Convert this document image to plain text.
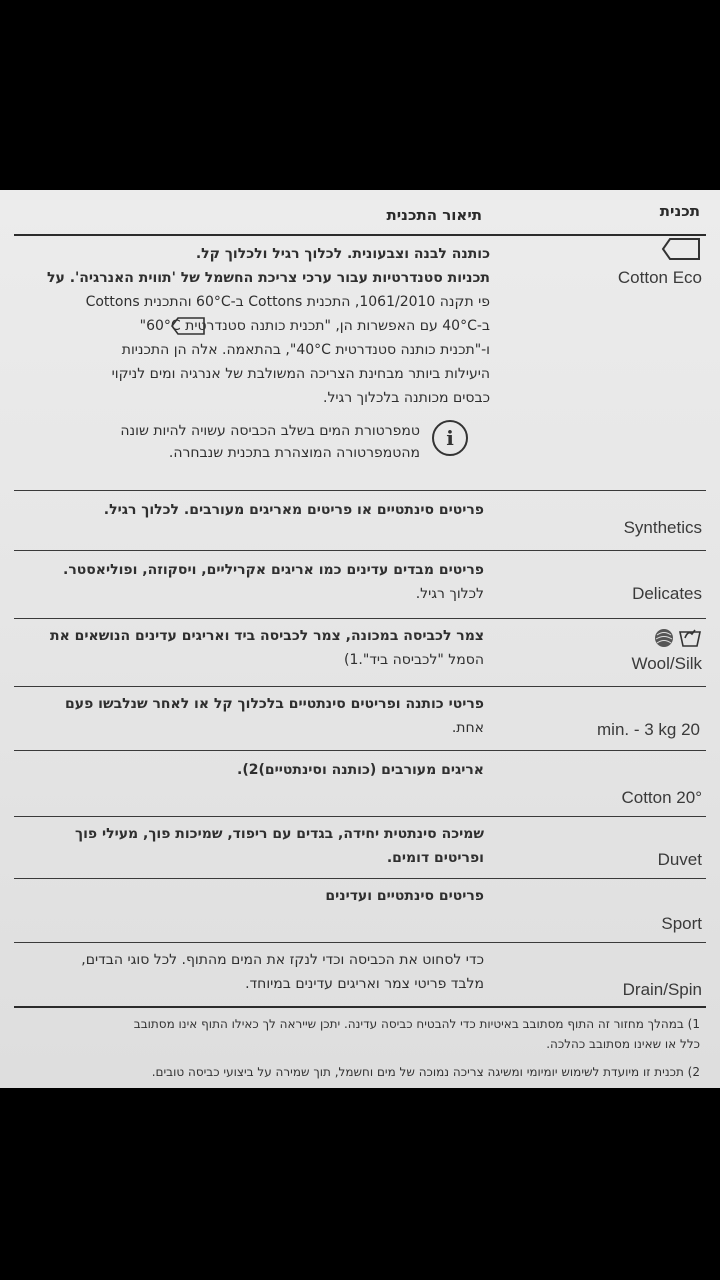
תכנית
תיאור התכנית
Cotton Eco
כותנה לבנה וצבעונית. לכלוך רגיל ולכלוך קל.
תכניות סטנדרטיות עבור ערכי צריכת החשמל של 'תווית האנרגיה'. על
פי תקנה 1061/2010, התכנית Cottons ב-60°C והתכנית Cottons
ב-40°C עם האפשרות הן, "תכנית כותנה סטנדרטית 60°C"
ו-"תכנית כותנה סטנדרטית 40°C", בהתאמה. אלה הן התכניות
היעילות ביותר מבחינת הצריכה המשולבת של אנרגיה ומים לניקוי
כבסים מכותנה בלכלוך רגיל.
i
טמפרטורת המים בשלב הכביסה עשויה להיות שונה מהטמפרטורה המוצהרת בתכנית שנבחרה.
Synthetics
פריטים סינתטיים או פריטים מאריגים מעורבים. לכלוך רגיל.
Delicates
פריטים מבדים עדינים כמו אריגים אקריליים, ויסקוזה, ופוליאסטר.
לכלוך רגיל.
Wool/Silk
צמר לכביסה במכונה, צמר לכביסה ביד ואריגים עדינים הנושאים את
הסמל "לכביסה ביד".1)
min. - 3 kg 20
פריטי כותנה ופריטים סינתטיים בלכלוך קל או לאחר שנלבשו פעם
אחת.
Cotton 20°
אריגים מעורבים (כותנה וסינתטיים)2).
Duvet
שמיכה סינתטית יחידה, בגדים עם ריפוד, שמיכות פוך, מעילי פוך
ופריטים דומים.
Sport
פריטים סינתטיים ועדינים
Drain/Spin
כדי לסחוט את הכביסה וכדי לנקז את המים מהתוף. לכל סוגי הבדים,
מלבד פריטי צמר ואריגים עדינים במיוחד.
1) במהלך מחזור זה התוף מסתובב באיטיות כדי להבטיח כביסה עדינה. יתכן שייראה לך כאילו התוף אינו מסתובב
כלל או שאינו מסתובב כהלכה.
2) תכנית זו מיועדת לשימוש יומיומי ומשיגה צריכה נמוכה של מים וחשמל, תוך שמירה על ביצועי כביסה טובים.
